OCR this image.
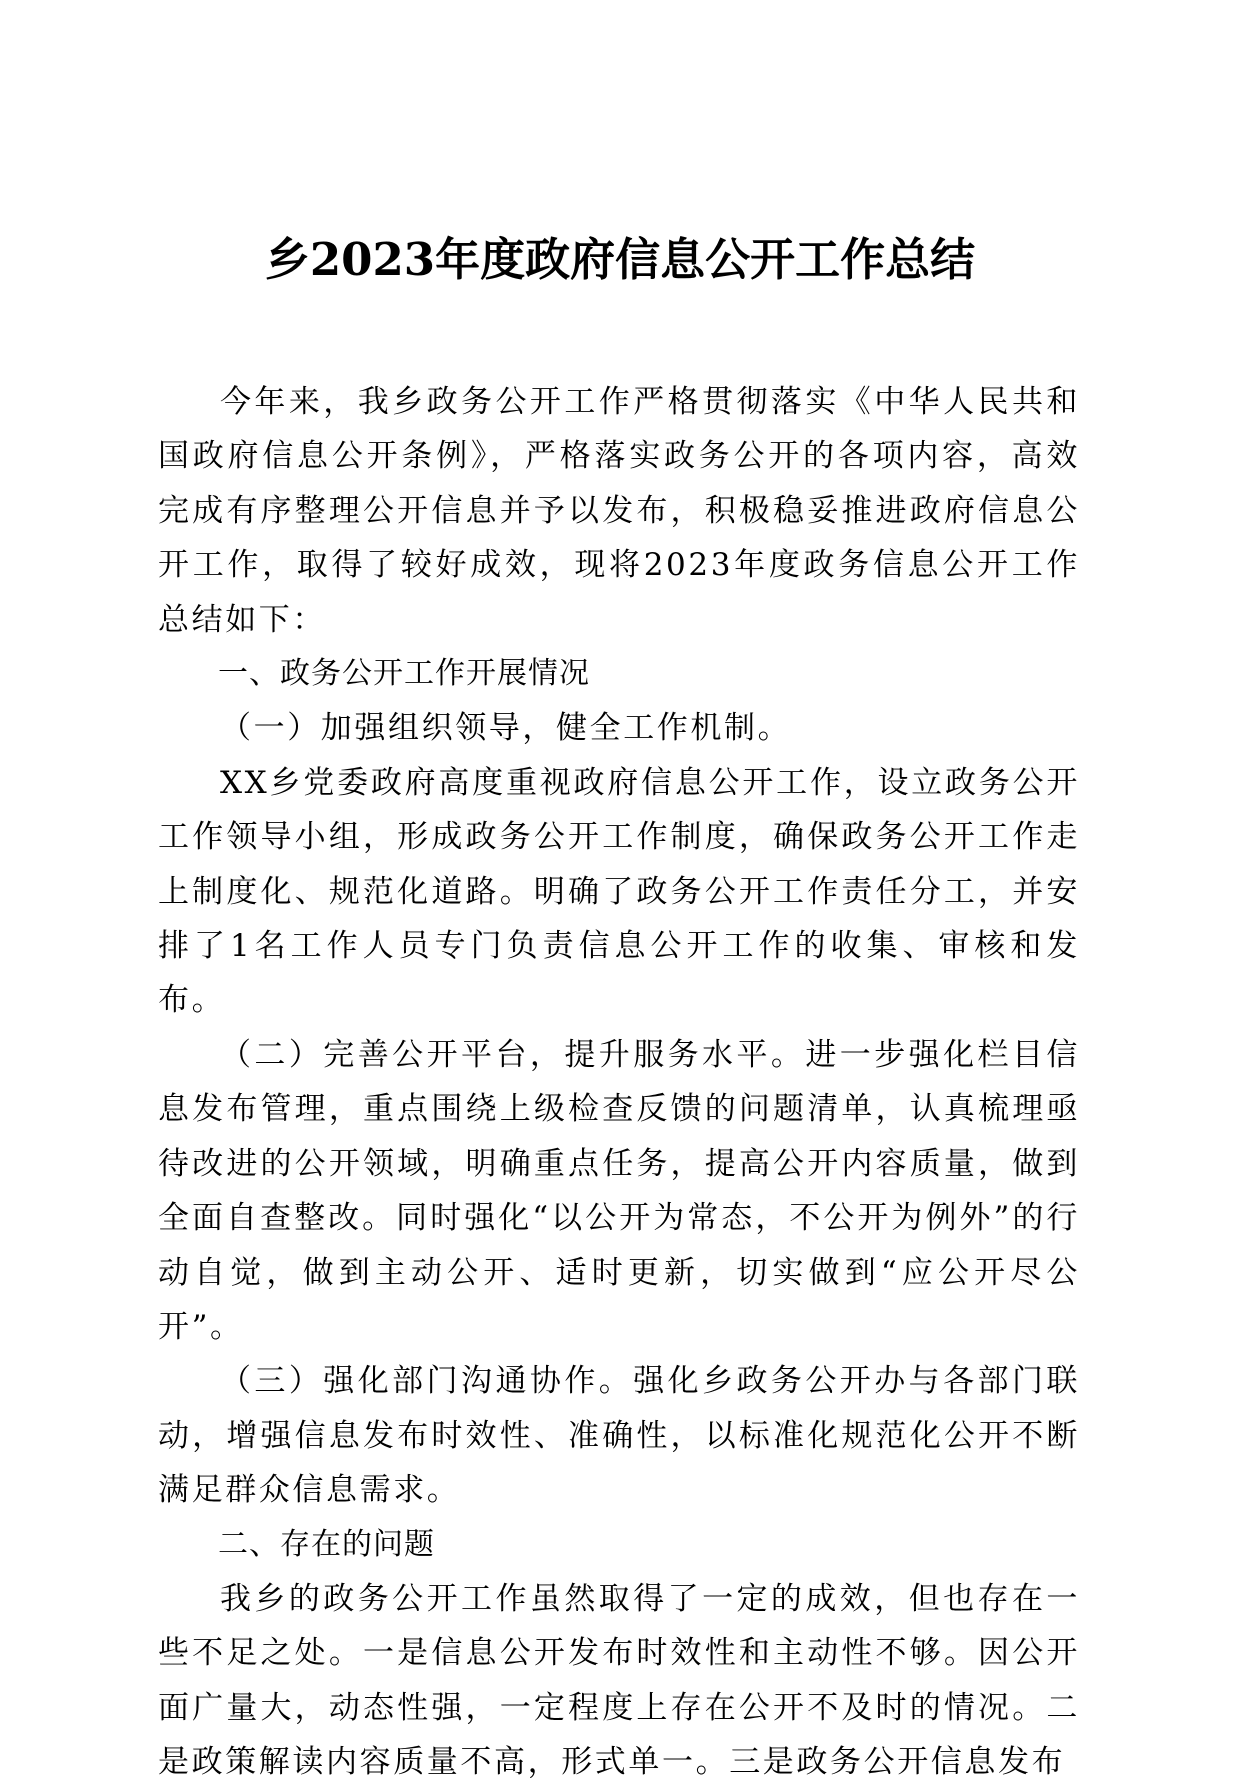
乡2023年度政府信息公开工作总结

今年来，我乡政务公开工作严格贯彻落实《中华人民共和国政府信息公开条例》，严格落实政务公开的各项内容，高效完成有序整理公开信息并予以发布，积极稳妥推进政府信息公开工作，取得了较好成效，现将2023年度政务信息公开工作总结如下：

一、政务公开工作开展情况

（一）加强组织领导，健全工作机制。

XX乡党委政府高度重视政府信息公开工作，设立政务公开工作领导小组，形成政务公开工作制度，确保政务公开工作走上制度化、规范化道路。明确了政务公开工作责任分工，并安排了1名工作人员专门负责信息公开工作的收集、审核和发布。

（二）完善公开平台，提升服务水平。进一步强化栏目信息发布管理，重点围绕上级检查反馈的问题清单，认真梳理亟待改进的公开领域，明确重点任务，提高公开内容质量，做到全面自查整改。同时强化“以公开为常态，不公开为例外”的行动自觉，做到主动公开、适时更新，切实做到“应公开尽公开”。

（三）强化部门沟通协作。强化乡政务公开办与各部门联动，增强信息发布时效性、准确性，以标准化规范化公开不断满足群众信息需求。

二、存在的问题

我乡的政务公开工作虽然取得了一定的成效，但也存在一些不足之处。一是信息公开发布时效性和主动性不够。因公开面广量大，动态性强，一定程度上存在公开不及时的情况。二是政策解读内容质量不高，形式单一。三是政务公开信息发布
